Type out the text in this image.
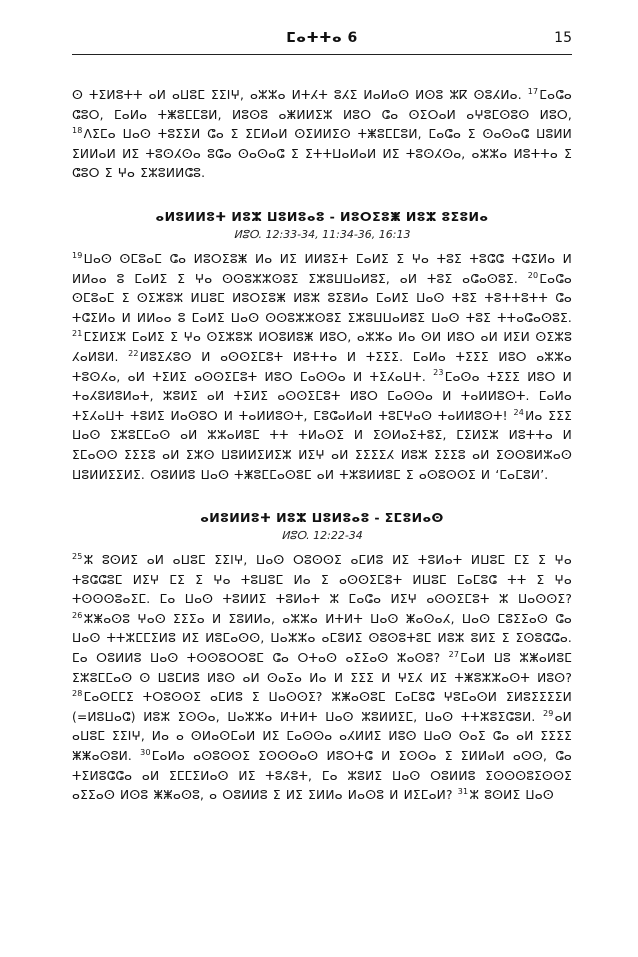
ⵎⴰⵜⵜⴰ 6	15

ⵙ ⵜⵉⵍⵓⵜⵜ ⴰⵍ ⴰⵡⵓⵎ ⵉⵉⵏⵖ, ⴰⵣⵣⴰ ⵍⵜⵃⵜ ⵓⵃⵉ ⵍⴰⵍⴰⵙ ⵍⵙⵓ ⵣⴽ ⵙⵓⵃⵍⴰ. $^{17}$ⵎⴰⵛⴰ ⵛⵓⵔ, ⵎⴰⵍⴰ ⵜⵥⵓⵎⵎⵓⵍ, ⵍⵓⵙⵓ ⴰⵥⵍⵍⵉⵣ ⵍⵓⵔ ⵛⴰ ⵙⵉⵔⴰⵍ ⴰⵖⵓⵎⵙⵓⵙ ⵍⵓⵔ, $^{18}$ⴷⵉⵎⴰ ⵡⴰⵙ ⵜⵓⵉⵉⵍ ⵛⴰ ⵉ ⵉⵎⵍⴰⵍ ⵙⵉⵍⵍⵉⵙ ⵜⵥⵓⵎⵎⵓⵍ, ⵎⴰⵛⴰ ⵉ ⵙⴰⵙⴰⵛ ⵡⵓⵍⵍ ⵉⵍⵍⴰⵍ ⵍⵉ ⵜⵓⵙⵃⵙⴰ ⵓⵛⴰ ⵙⴰⵙⴰⵛ ⵉ ⵉⵜⵜⵡⴰⵍⴰⵍ ⵍⵉ ⵜⵓⵙⵃⵙⴰ, ⴰⵣⵣⴰ ⵍⵓⵜⵜⴰ ⵉ ⵛⵓⵔ ⵉ ⵖⴰ ⵉⵣⵓⵍⵍⵛⵓ.

ⴰⵍⵓⵍⵍⵓⵜ ⵍⵓⵣ ⵡⵓⵍⵓⴰⵓ - ⵍⵓⵔⵉⵓⵥ ⵍⵓⵣ ⵓⵉⵓⵍⴰ
ⵍⵓⵔ. 12:33-34, 11:34-36, 16:13

$^{19}$ⵡⴰⵙ ⵙⵎⵓⴰⵎ ⵛⴰ ⵍⵓⵔⵉⵓⵥ ⵍⴰ ⵍⵉ ⵍⵍⵓⵉⵜ ⵎⴰⵍⵉ ⵉ ⵖⴰ ⵜⵓⵉ ⵜⵓⵛⵛ ⵜⵛⵉⵍⴰ ⵍ ⵍⵍⴰⴰ ⵓ ⵎⴰⵍⵉ ⵉ ⵖⴰ ⵙⵙⵓⵣⵣⵙⵓⵉ ⵉⵣⵓⵡⵡⴰⵍⵓⵉ, ⴰⵍ ⵜⵓⵉ ⴰⵛⴰⵙⵓⵉ. $^{20}$ⵎⴰⵛⴰ ⵙⵎⵓⴰⵎ ⵉ ⵙⵉⵣⵓⵣ ⵍⵡⵓⵎ ⵍⵓⵔⵉⵓⵥ ⵍⵓⵣ ⵓⵉⵓⵍⴰ ⵎⴰⵍⵉ ⵡⴰⵙ ⵜⵓⵉ ⵜⵓⵜⵜⵓⵜⵜ ⵛⴰ ⵜⵛⵉⵍⴰ ⵍ ⵍⵍⴰⴰ ⵓ ⵎⴰⵍⵉ ⵡⴰⵙ ⵙⵙⵓⵣⵣⵙⵓⵉ ⵉⵣⵓⵡⵡⴰⵍⵓⵉ ⵡⴰⵙ ⵜⵓⵉ ⵜⵜⴰⵛⴰⵙⵓⵉ. $^{21}$ⵎⵉⵍⵉⵣ ⵎⴰⵍⵉ ⵉ ⵖⴰ ⵙⵉⵣⵓⵣ ⵍⵔⵓⵍⵓⵥ ⵍⵓⵔ, ⴰⵣⵣⴰ ⵍⴰ ⵙⵍ ⵍⵓⵔ ⴰⵍ ⵍⵉⵍ ⵙⵉⵣⵓ ⵃⴰⵍⵓⵍ. $^{22}$ⵍⵓⵉⵃⵓⵙ ⵍ ⴰⵙⵙⵉⵎⵓⵜ ⵍⵓⵜⵜⴰ ⵍ ⵜⵉⵉⵉ. ⵎⴰⵍⴰ ⵜⵉⵉⵉ ⵍⵓⵔ ⴰⵣⵣⴰ ⵜⵓⵙⵃⴰ, ⴰⵍ ⵜⵉⵍⵉ ⴰⵙⵙⵉⵎⵓⵜ ⵍⵓⵔ ⵎⴰⵙⵙⴰ ⵍ ⵜⵉⵃⴰⵡⵜ. $^{23}$ⵎⴰⵙⴰ ⵜⵉⵉⵉ ⵍⵓⵔ ⵍ ⵜⴰⵃⵓⵍⵓⵍⴰⵜ, ⵣⵓⵍⵉ ⴰⵍ ⵜⵉⵍⵉ ⴰⵙⵙⵉⵎⵓⵜ ⵍⵓⵔ ⵎⴰⵙⵙⴰ ⵍ ⵜⴰⵍⵍⵓⵙⵜ. ⵎⴰⵍⴰ ⵜⵉⵃⴰⵡⵜ ⵜⵓⵍⵉ ⵍⴰⵙⵓⵔ ⵍ ⵜⴰⵍⵍⵓⵙⵜ, ⵎⵓⵛⴰⵍⴰⵍ ⵜⵓⵎⵖⴰⵙ ⵜⴰⵍⵍⵓⵙⵜ! $^{24}$ⵍⴰ ⵉⵉⵉ ⵡⴰⵙ ⵉⵣⵓⵎⵎⴰⵙ ⴰⵍ ⵣⵣⴰⵍⵓⵎ ⵜⵜ ⵜⵍⴰⵙⵉ ⵍ ⵉⵙⵍⴰⵉⵜⵓⵉ, ⵎⵉⵍⵉⵣ ⵍⵓⵜⵜⴰ ⵍ ⵉⵎⴰⵙⵙ ⵉⵉⵉⵓ ⴰⵍ ⵉⵣⵙ ⵡⵓⵍⵍⵉⵍⵉⵣ ⵍⵉⵖ ⴰⵍ ⵉⵉⵉⵉⵃ ⵍⵓⵣ ⵉⵉⵉⵓ ⴰⵍ ⵉⵙⵙⵓⵍⵣⴰⵙ ⵡⵓⵍⵍⵉⵉⵍⵉ. ⵔⵓⵍⵍⵓ ⵡⴰⵙ ⵜⵥⵓⵎⵎⴰⵙⵓⵎ ⴰⵍ ⵜⵣⵓⵍⵍⵓⵎ ⵉ ⴰⵙⵓⵙⵙⵉ ⵍ ‘ⵎⴰⵎⵓⵍ’.

ⴰⵍⵓⵍⵍⵓⵜ ⵍⵓⵣ ⵡⵓⵍⵓⴰⵓ - ⵉⵎⵓⵍⴰⵙ
ⵍⵓⵔ. 12:22-34

$^{25}$ⵣ ⵓⵙⵍⵉ ⴰⵍ ⴰⵡⵓⵎ ⵉⵉⵏⵖ, ⵡⴰⵙ ⵔⵓⵙⵙⵉ ⴰⵎⵍⵓ ⵍⵉ ⵜⵓⵍⴰⵜ ⵍⵡⵓⵎ ⵎⵉ ⵉ ⵖⴰ ⵜⵓⵛⵛⵓⵎ ⵍⵉⵖ ⵎⵉ ⵉ ⵖⴰ ⵜⵓⵡⵓⵎ ⵍⴰ ⵉ ⴰⵙⵙⵉⵎⵓⵜ ⵍⵡⵓⵎ ⵎⴰⵎⵓⵛ ⵜⵜ ⵉ ⵖⴰ ⵜⵙⵙⵙⵓⴰⵉⵎ. ⵎⴰ ⵡⴰⵙ ⵜⵓⵍⵍⵉ ⵜⵓⵍⴰⵜ ⵣ ⵎⴰⵛⴰ ⵍⵉⵖ ⴰⵙⵙⵉⵎⵓⵜ ⵣ ⵡⴰⵙⵙⵉ? $^{26}$ⵣⵥⴰⵙⵓ ⵖⴰⵙ ⵉⵉⵉⴰ ⵍ ⵉⵓⵍⵍⴰ, ⴰⵣⵣⴰ ⵍⵜⵍⵜ ⵡⴰⵙ ⵥⴰⵙⴰⵃ, ⵡⴰⵙ ⵎⵓⵉⵉⴰⵙ ⵛⴰ ⵡⴰⵙ ⵜⵜⵣⵎⵎⵉⵍⵓ ⵍⵉ ⵍⵓⵎⴰⵙⵙ, ⵡⴰⵣⵣⴰ ⴰⵎⵓⵍⵉ ⵙⵓⵙⵓⵜⵓⵎ ⵍⵓⵣ ⵓⵍⵉ ⵉ ⵉⵙⵓⵛⵛⴰ. ⵎⴰ ⵔⵓⵍⵍⵓ ⵡⴰⵙ ⵜⵙⵙⵓⵔⵔⵓⵎ ⵛⴰ ⵔⵜⴰⵙ ⴰⵉⵉⴰⵙ ⵣⴰⵙⵓ? $^{27}$ⵎⴰⵍ ⵡⵓ ⵣⵥⴰⵍⵓⵎ ⵉⵣⵓⵎⵎⴰⵙ ⵙ ⵡⵓⵎⵍⵓ ⵍⵓⵙ ⴰⵍ ⵙⴰⵉⴰ ⵍⴰ ⵍ ⵉⵉⵉ ⵍ ⵖⵉⵃ ⵍⵉ ⵜⵥⵓⵣⵣⴰⵙⵜ ⵍⵓⵙ? $^{28}$ⵎⴰⵙⵎⵎⵉ ⵜⵔⵓⵙⵙⵉ ⴰⵎⵍⵓ ⵉ ⵡⴰⵙⵙⵉ? ⵣⵥⴰⵙⵓⵎ ⵎⴰⵎⵓⵛ ⵖⵓⵎⴰⵙⵍ ⵉⵍⵓⵉⵉⵉⵉⵍ (=ⵍⵓⵡⴰⵛ) ⵍⵓⵣ ⵉⵙⵙⴰ, ⵡⴰⵣⵣⴰ ⵍⵜⵍⵜ ⵡⴰⵙ ⵣⵓⵍⵍⵉⵎ, ⵡⴰⵙ ⵜⵜⵣⵓⵉⵛⵓⵍ. $^{29}$ⴰⵍ ⴰⵡⵓⵎ ⵉⵉⵏⵖ, ⵍⴰ ⴰ ⵙⵍⴰⵙⵎⴰⵍ ⵍⵉ ⵎⴰⵙⵙⴰ ⴰⵃⵍⵍⵉ ⵍⵓⵙ ⵡⴰⵙ ⵙⴰⵉ ⵛⴰ ⴰⵍ ⵉⵉⵉⵉ ⵥⵥⴰⵙⵓⵍ. $^{30}$ⵎⴰⵍⴰ ⴰⵙⵓⵙⵙⵉ ⵉⵙⵙⵙⴰⵙ ⵍⵓⵔⵜⵛ ⵍ ⵉⵙⵙⴰ ⵉ ⵉⵍⵍⴰⵍ ⴰⵙⵙ, ⵛⴰ ⵜⵉⵍⵓⵛⵛⴰ ⴰⵍ ⵉⵎⵎⵉⵍⴰⵙ ⵍⵉ ⵜⵓⵃⵓⵜ, ⵎⴰ ⵣⵓⵍⵉ ⵡⴰⵙ ⵔⵓⵍⵍⵓ ⵉⵙⵙⵙⵓⵉⵙⵙⵉ ⴰⵉⵉⴰⵙ ⵍⵙⵓ ⵥⵥⴰⵙⵓ, ⴰ ⵔⵓⵍⵍⵓ ⵉ ⵍⵉ ⵉⵍⵍⴰ ⵍⴰⵙⵓ ⵍ ⵍⵉⵎⴰⵍ? $^{31}$ⵣ ⵓⵙⵍⵉ ⵡⴰⵙ
